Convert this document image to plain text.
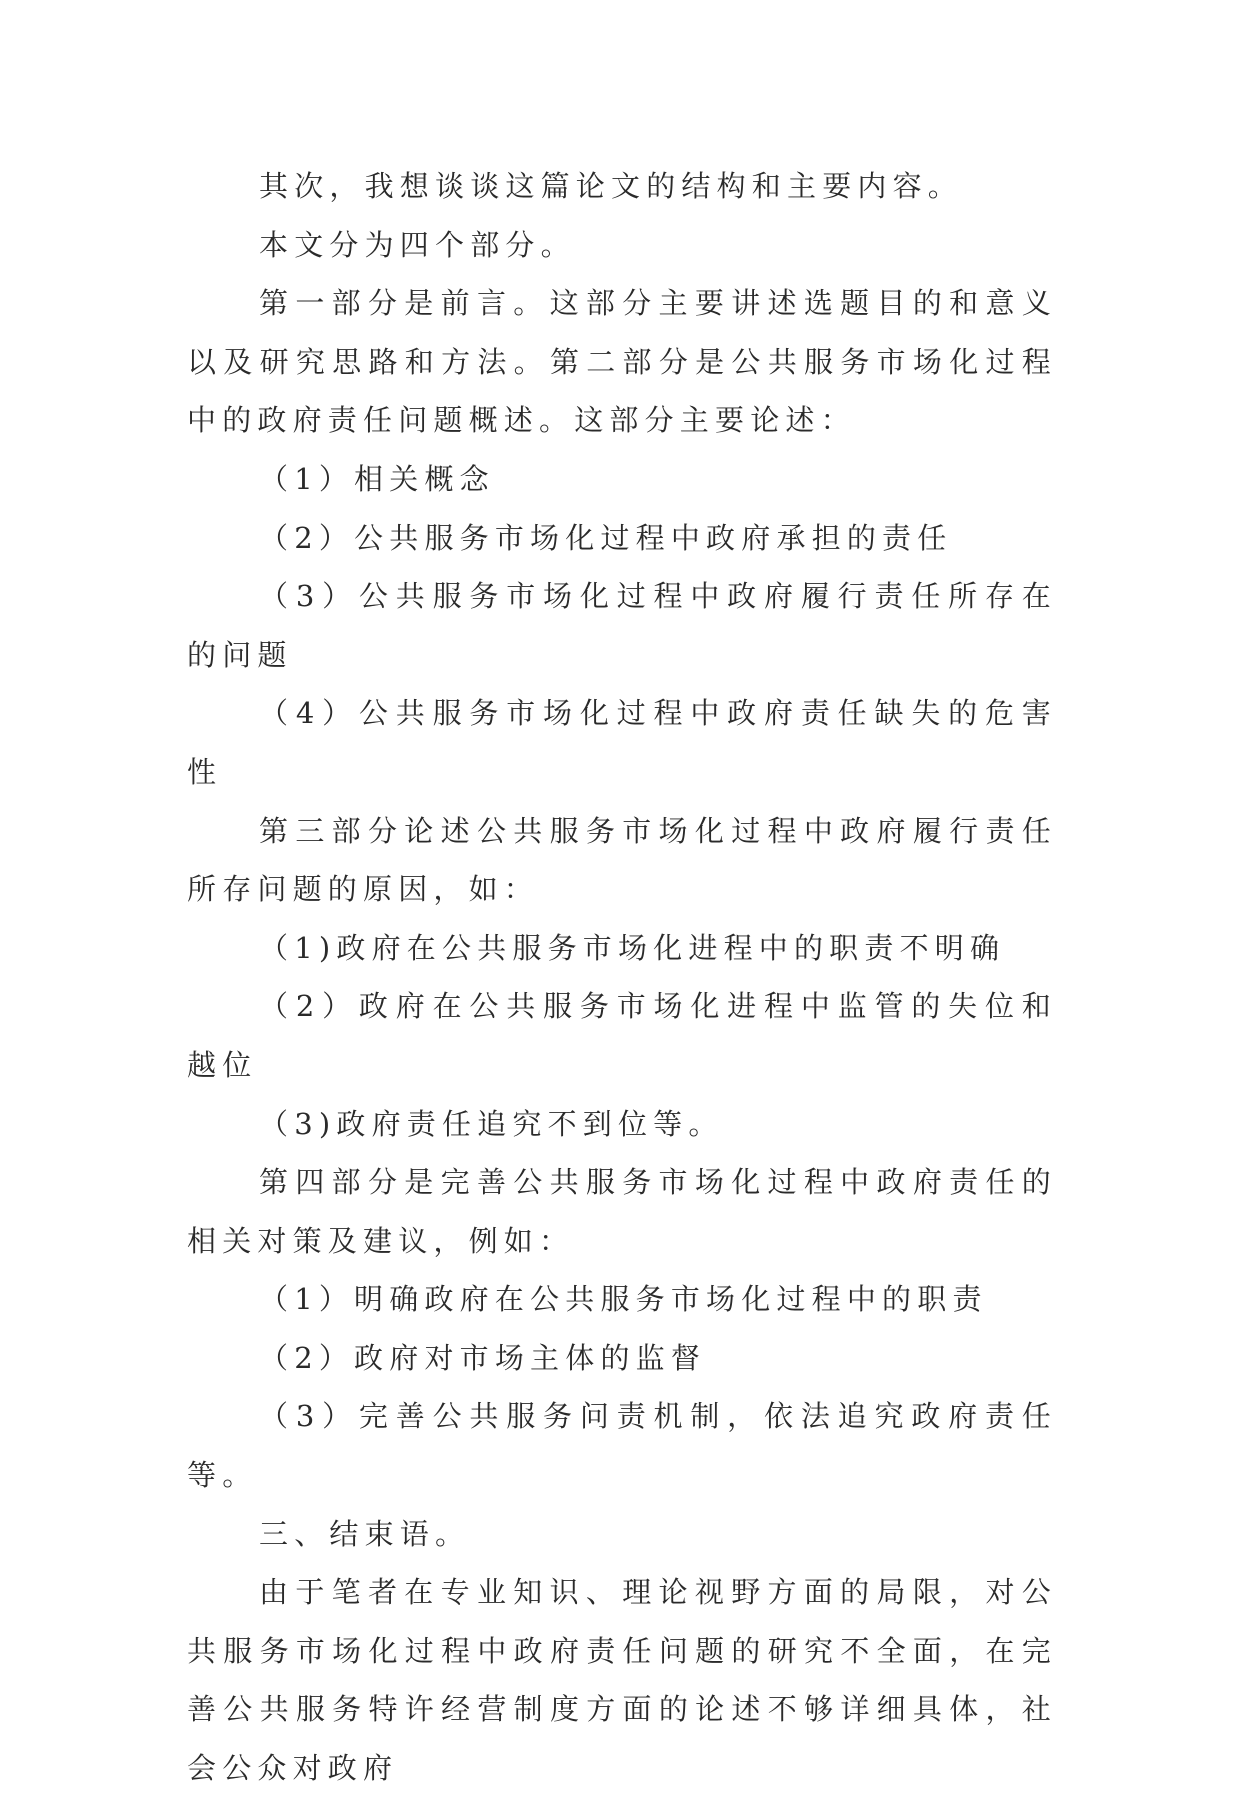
其次，我想谈谈这篇论文的结构和主要内容。

本文分为四个部分。

第一部分是前言。这部分主要讲述选题目的和意义以及研究思路和方法。第二部分是公共服务市场化过程中的政府责任问题概述。这部分主要论述：

（1）相关概念

（2）公共服务市场化过程中政府承担的责任

（3）公共服务市场化过程中政府履行责任所存在的问题

（4）公共服务市场化过程中政府责任缺失的危害性

第三部分论述公共服务市场化过程中政府履行责任所存问题的原因，如：

（1)政府在公共服务市场化进程中的职责不明确

（2）政府在公共服务市场化进程中监管的失位和越位

（3)政府责任追究不到位等。

第四部分是完善公共服务市场化过程中政府责任的相关对策及建议，例如：

（1）明确政府在公共服务市场化过程中的职责

（2）政府对市场主体的监督

（3）完善公共服务问责机制，依法追究政府责任等。

三、结束语。

由于笔者在专业知识、理论视野方面的局限，对公共服务市场化过程中政府责任问题的研究不全面，在完善公共服务特许经营制度方面的论述不够详细具体，社会公众对政府
